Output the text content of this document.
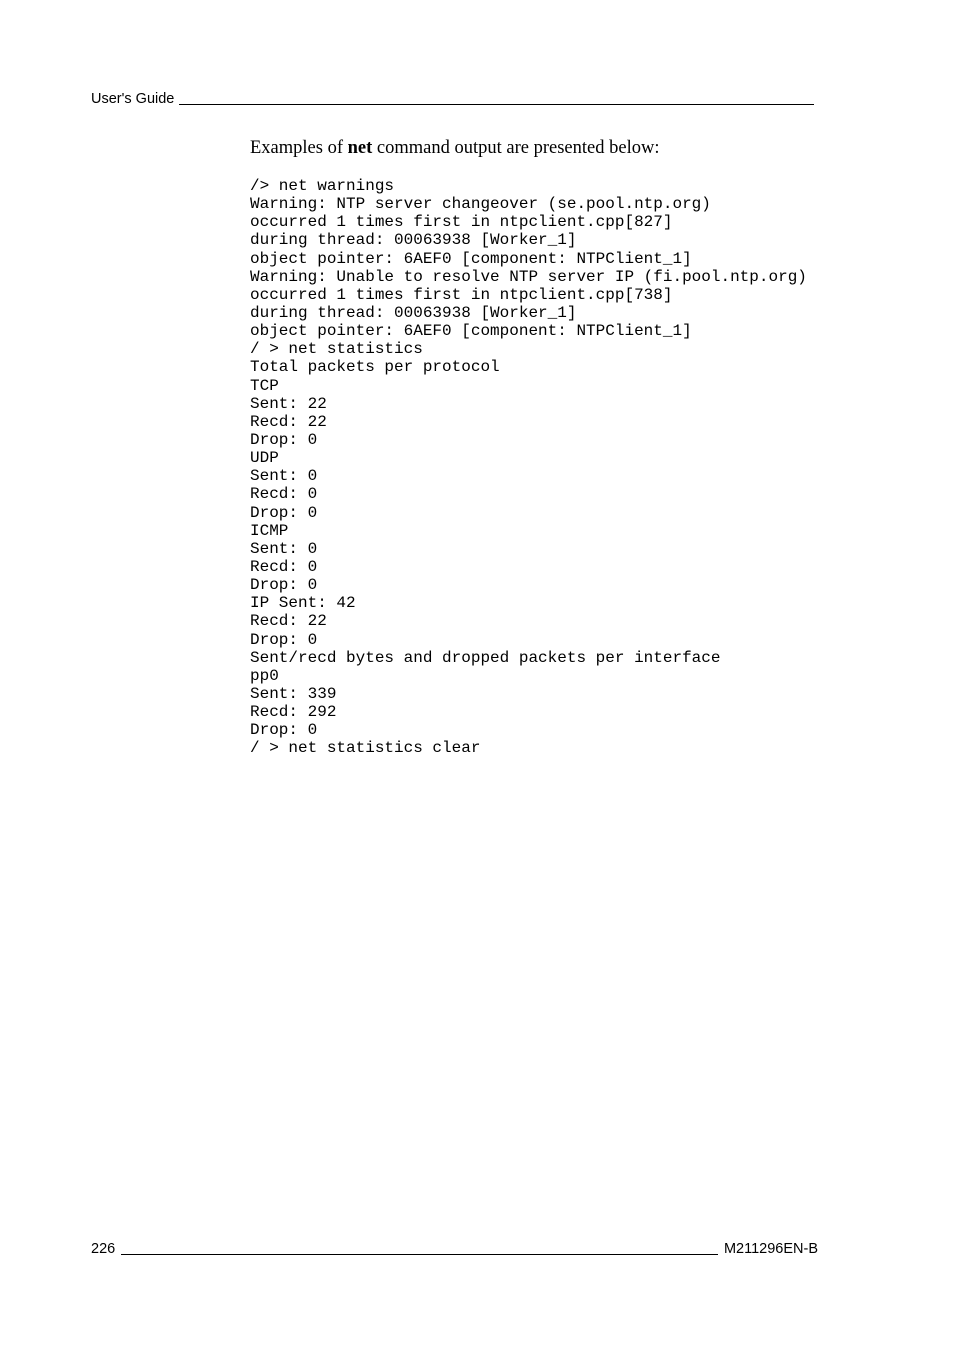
User's Guide

Examples of net command output are presented below:

/> net warnings
Warning: NTP server changeover (se.pool.ntp.org)
occurred 1 times first in ntpclient.cpp[827]
during thread: 00063938 [Worker_1]
object pointer: 6AEF0 [component: NTPClient_1]
Warning: Unable to resolve NTP server IP (fi.pool.ntp.org)
occurred 1 times first in ntpclient.cpp[738]
during thread: 00063938 [Worker_1]
object pointer: 6AEF0 [component: NTPClient_1]
/ > net statistics
Total packets per protocol
TCP
Sent: 22
Recd: 22
Drop: 0
UDP
Sent: 0
Recd: 0
Drop: 0
ICMP
Sent: 0
Recd: 0
Drop: 0
IP Sent: 42
Recd: 22
Drop: 0
Sent/recd bytes and dropped packets per interface
pp0
Sent: 339
Recd: 292
Drop: 0
/ > net statistics clear
226	M211296EN-B
